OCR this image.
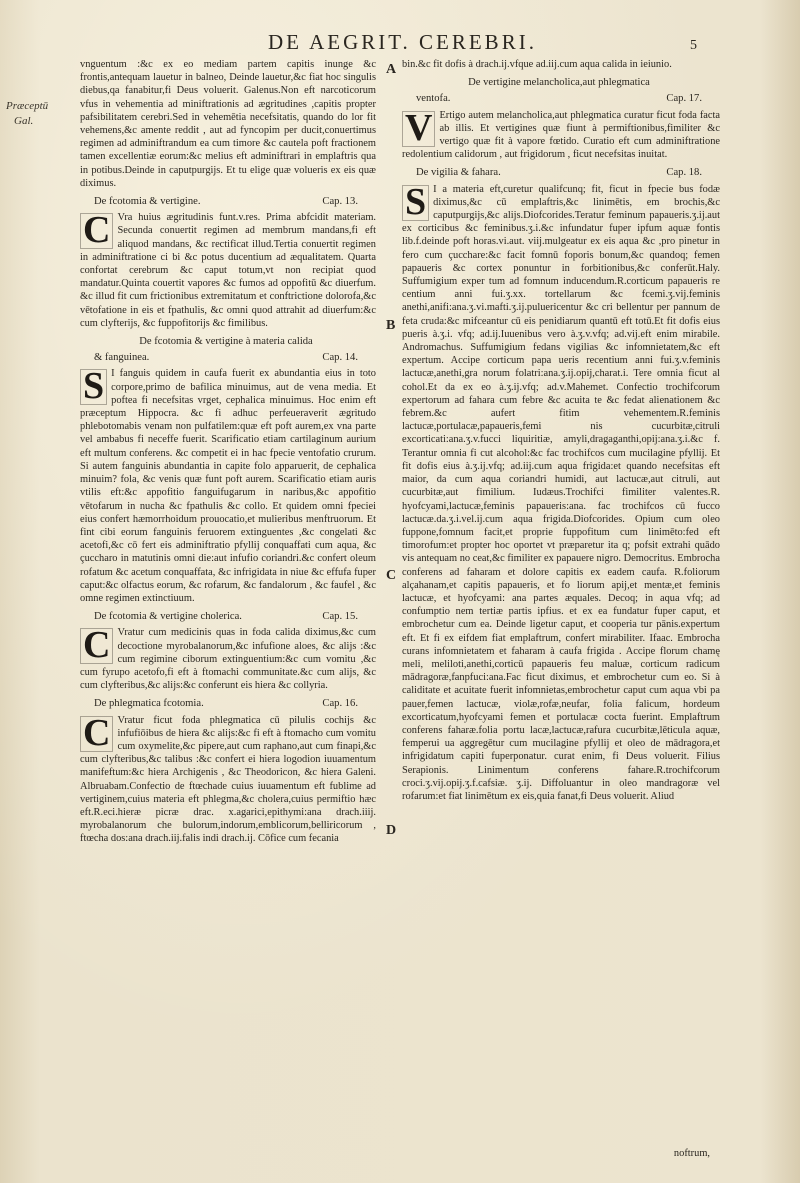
DE AEGRIT. CEREBRI.	5
Præceptū
Gal.
A
B
C
D

vnguentum :&c ex eo mediam partem capitis inunge &c frontis,antequam lauetur in balneo, Deinde lauetur,&c fiat hoc singulis diebus,qa fanabitur,fi Deus voluerit. Galenus.Non eft narcoticorum vfus in vehementia ad miniftrationis ad ægritudines ,capitis propter pafsibilitatem cerebri.Sed in vehemētia necefsitatis, quando do lor fit vehemens,&c amente reddit , aut ad fyncopim per ducit,conuertimus regimen ad adminiftrandum ea cum timore &c cautela poft fractionem tamen excellentiæ eorum:&c melius eft adminiftrari in emplaftris qua in potibus.Deinde in caputpurgijs. Et tu elige quæ volueris ex eis quæ diximus.

De fcotomia & vertigine.	Cap. 13.

C Vra huius ægritudinis funt.v.res. Prima abfcidit materiam. Secunda conuertit regimen ad membrum mandans,fi eft aliquod mandans, &c rectificat illud.Tertia conuertit regimen in adminiftratione ci bi &c potus ducentium ad æqualitatem. Quarta confortat cerebrum &c caput totum,vt non recipiat quod mandatur.Quinta couertit vapores &c fumos ad oppofitū &c diuerfum. &c illud fit cum frictionibus extremitatum et conftrictione dolorofa,&c vētofatione in eis et fpathulis, &c omni quod attrahit ad diuerfum:&c cum clyfterijs, &c fuppofitorijs &c fimilibus.

De fcotomia & vertigine à materia calida
& fanguinea.	Cap. 14.

S I fanguis quidem in caufa fuerit ex abundantia eius in toto corpore,primo de bafilica minuimus, aut de vena media. Et poftea fi necefsitas vrget, cephalica minuimus. Hoc enim eft præceptum Hippocra. &c fi adhuc perfeueraverit ægritudo phlebotomabis venam non pulfatilem:quæ eft poft aurem,ex vna parte vel ambabus fi neceffe fuerit. Scarificatio etiam cartilaginum aurium eft multum conferens. &c competit ei in hac fpecie ventofatio crurum. Si autem fanguinis abundantia in capite folo apparuerit, de cephalica minuim? fola, &c venis quæ funt poft aurem. Scarificatio etiam auris vtilis eft:&c appofitio fanguifugarum in naribus,&c appofitio vētofarum in nucha &c fpathulis &c collo. Et quidem omni fpeciei eius confert hæmorrhoidum prouocatio,et mulieribus menftruorum. Et fint cibi eorum fanguinis feruorem extinguentes ,&c congelati &c acetofi,&c cō fert eis adminiftratio pfyllij conquaffati cum aqua, &c çuccharo in matutinis omni die:aut infufio coriandri.&c confert oleum rofatum &c acetum conquaffata, &c infrigidata in niue &c effufa fuper caput:&c olfactus eorum, &c rofarum, &c fandalorum , &c faufel , &c omne regimen extinctiuum.

De fcotomia & vertigine cholerica.	Cap. 15.

C Vratur cum medicinis quas in foda calida diximus,&c cum decoctione myrobalanorum,&c infufione aloes, &c alijs :&c cum regimine ciborum extinguentium:&c cum vomitu ,&c cum fyrupo acetofo,fi eft à ftomachi communitate.&c cum alijs, &c cum clyfteribus,&c alijs:&c conferunt eis hiera &c collyria.

De phlegmatica fcotomia.	Cap. 16.

C Vratur ficut foda phlegmatica cū pilulis cochijs &c infufiōibus de hiera &c alijs:&c fi eft à ftomacho cum vomitu cum oxymelite,&c pipere,aut cum raphano,aut cum finapi,&c cum clyfteribus,&c talibus :&c confert ei hiera logodion iuuamentum manifeftum:&c hiera Archigenis , &c Theodoricon, &c hiera Galeni. Albruabam.Confectio de ftœchade cuius iuuamentum eft fublime ad vertiginem,cuius materia eft phlegma,&c cholera,cuius permiftio hæc eft.R.eci.hieræ picræ drac. x.agarici,epithymi:ana drach.iiij. myrobalanorum che bulorum,indorum,emblicorum,belliricorum , ftœcha dos:ana drach.iij.falis indi drach.ij. Cōfice cum fecania

bin.&c fit dofis à drach.ij.vfque ad.iij.cum aqua calida in ieiunio.

De vertigine melancholica,aut phlegmatica
ventofa.	Cap. 17.

V Ertigo autem melancholica,aut phlegmatica curatur ficut foda facta ab illis. Et vertigines quæ fiunt à permiftionibus,fimiliter &c vertigo quæ fit à vapore fœtido. Curatio eft cum adminiftratione redolentium calidorum , aut frigidorum , ficut necefsitas inuitat.

De vigilia & fahara.	Cap. 18.

S I a materia eft,curetur qualifcunq; fit, ficut in fpecie bus fodæ diximus,&c cū emplaftris,&c linimētis, em brochis,&c caputpurgijs,&c alijs.Diofcorides.Teratur feminum papaueris.ʒ.ij.aut ex corticibus &c feminibus.ʒ.i.&c infundatur fuper ipfum aquæ fontis lib.f.deinde poft horas.vi.aut. viij.mulgeatur ex eis aqua &c ,pro pinetur in fero cum çucchare:&c facit fomnū foporis bonum,&c quandoq; femen papaueris &c cortex ponuntur in forbitionibus,&c conferūt.Haly. Suffumigium exper tum ad fomnum inducendum.R.corticum papaueris re centium anni fui.ʒ.xx. tortellarum &c fcemi.ʒ.vij.feminis anethi,anifi:ana.ʒ.vi.mafti.ʒ.ij.puluericentur &c cri bellentur per pannum de feta cruda:&c mifceantur cū eis penidiarum quantū eft totū.Et fit dofis eius pueris à.ʒ.i. vfq; ad.ij.Iuuenibus vero à.ʒ.v.vfq; ad.vij.eft enim mirabile. Andromachus. Suffumigium fedans vigilias &c infomnietatem,&c eft expertum. Accipe corticum papa ueris recentium anni fui.ʒ.v.feminis lactucæ,anethi,gra norum folatri:ana.ʒ.ij.opij,charat.i. Tere omnia ficut al cohol.Et da ex eo à.ʒ.ij.vfq; ad.v.Mahemet. Confectio trochifcorum expertorum ad fahara cum febre &c acuita te &c fedat alienationem &c febrem.&c aufert fitim vehementem.R.feminis lactucæ,portulacæ,papaueris,femi nis cucurbitæ,citruli excorticati:ana.ʒ.v.fucci liquiritiæ, amyli,dragaganthi,opij:ana.ʒ.i.&c f. Terantur omnia fi cut alcohol:&c fac trochifcos cum mucilagine pfyllij. Et fit dofis eius à.ʒ.ij.vfq; ad.iij.cum aqua frigida:et quando necefsitas eft maior, da cum aqua coriandri humidi, aut lactucæ,aut citruli, aut cucurbitæ,aut fimilium. Iudæus.Trochifci fimiliter valentes.R. hyofcyami,lactucæ,feminis papaueris:ana. fac trochifcos cū fucco lactucæ.da.ʒ.i.vel.ij.cum aqua frigida.Diofcorides. Opium cum oleo fuppone,fomnum facit,et proprie fuppofitum cum linimēto:fed eft timorofum:et propter hoc oportet vt præparetur ita q; pofsit extrahi quādo vis antequam no ceat,&c fimiliter ex papauere nigro. Democritus. Embrocha conferens ad faharam et dolore capitis ex eadem caufa. R.foliorum alçahanam,et capitis papaueris, et fo liorum apij,et mentæ,et feminis lactucæ, et hyofcyami: ana partes æquales. Decoq; in aqua vfq; ad confumptio nem tertiæ partis ipfius. et ex ea fundatur fuper caput, et embrochetur cum ea. Deinde ligetur caput, et cooperia tur pānis.expertum eft. Et fi ex eifdem fiat emplaftrum, confert mirabiliter. Ifaac. Embrocha curans infomnietatem et faharam à caufa frigida . Accipe florum chamę meli, meliloti,anethi,corticū papaueris feu maluæ, corticum radicum mādragoræ,fanpfuci:ana.Fac ficut diximus, et embrochetur cum eo. Si à caliditate et acuitate fuerit infomnietas,embrochetur caput cum aqua vbi pa pauer,femen lactucæ, violæ,rofæ,neufar, folia falicum, hordeum excorticatum,hyofcyami femen et portulacæ cocta fuerint. Emplaftrum conferens faharæ.folia portu lacæ,lactucæ,rafura cucurbitæ,lēticula aquæ, femperui ua aggregētur cum mucilagine pfyllij et oleo de mādragora,et infrigidatum capiti fuperponatur. curat enim, fi Deus voluerit. Filius Serapionis. Linimentum conferens fahare.R.trochifcorum croci.ʒ.vij.opij.ʒ.f.cafsiæ. ʒ.ij. Diffoluantur in oleo mandragoræ vel rofarum:et fiat linimētum ex eis,quia fanat,fi Deus voluerit. Aliud

noftrum,
